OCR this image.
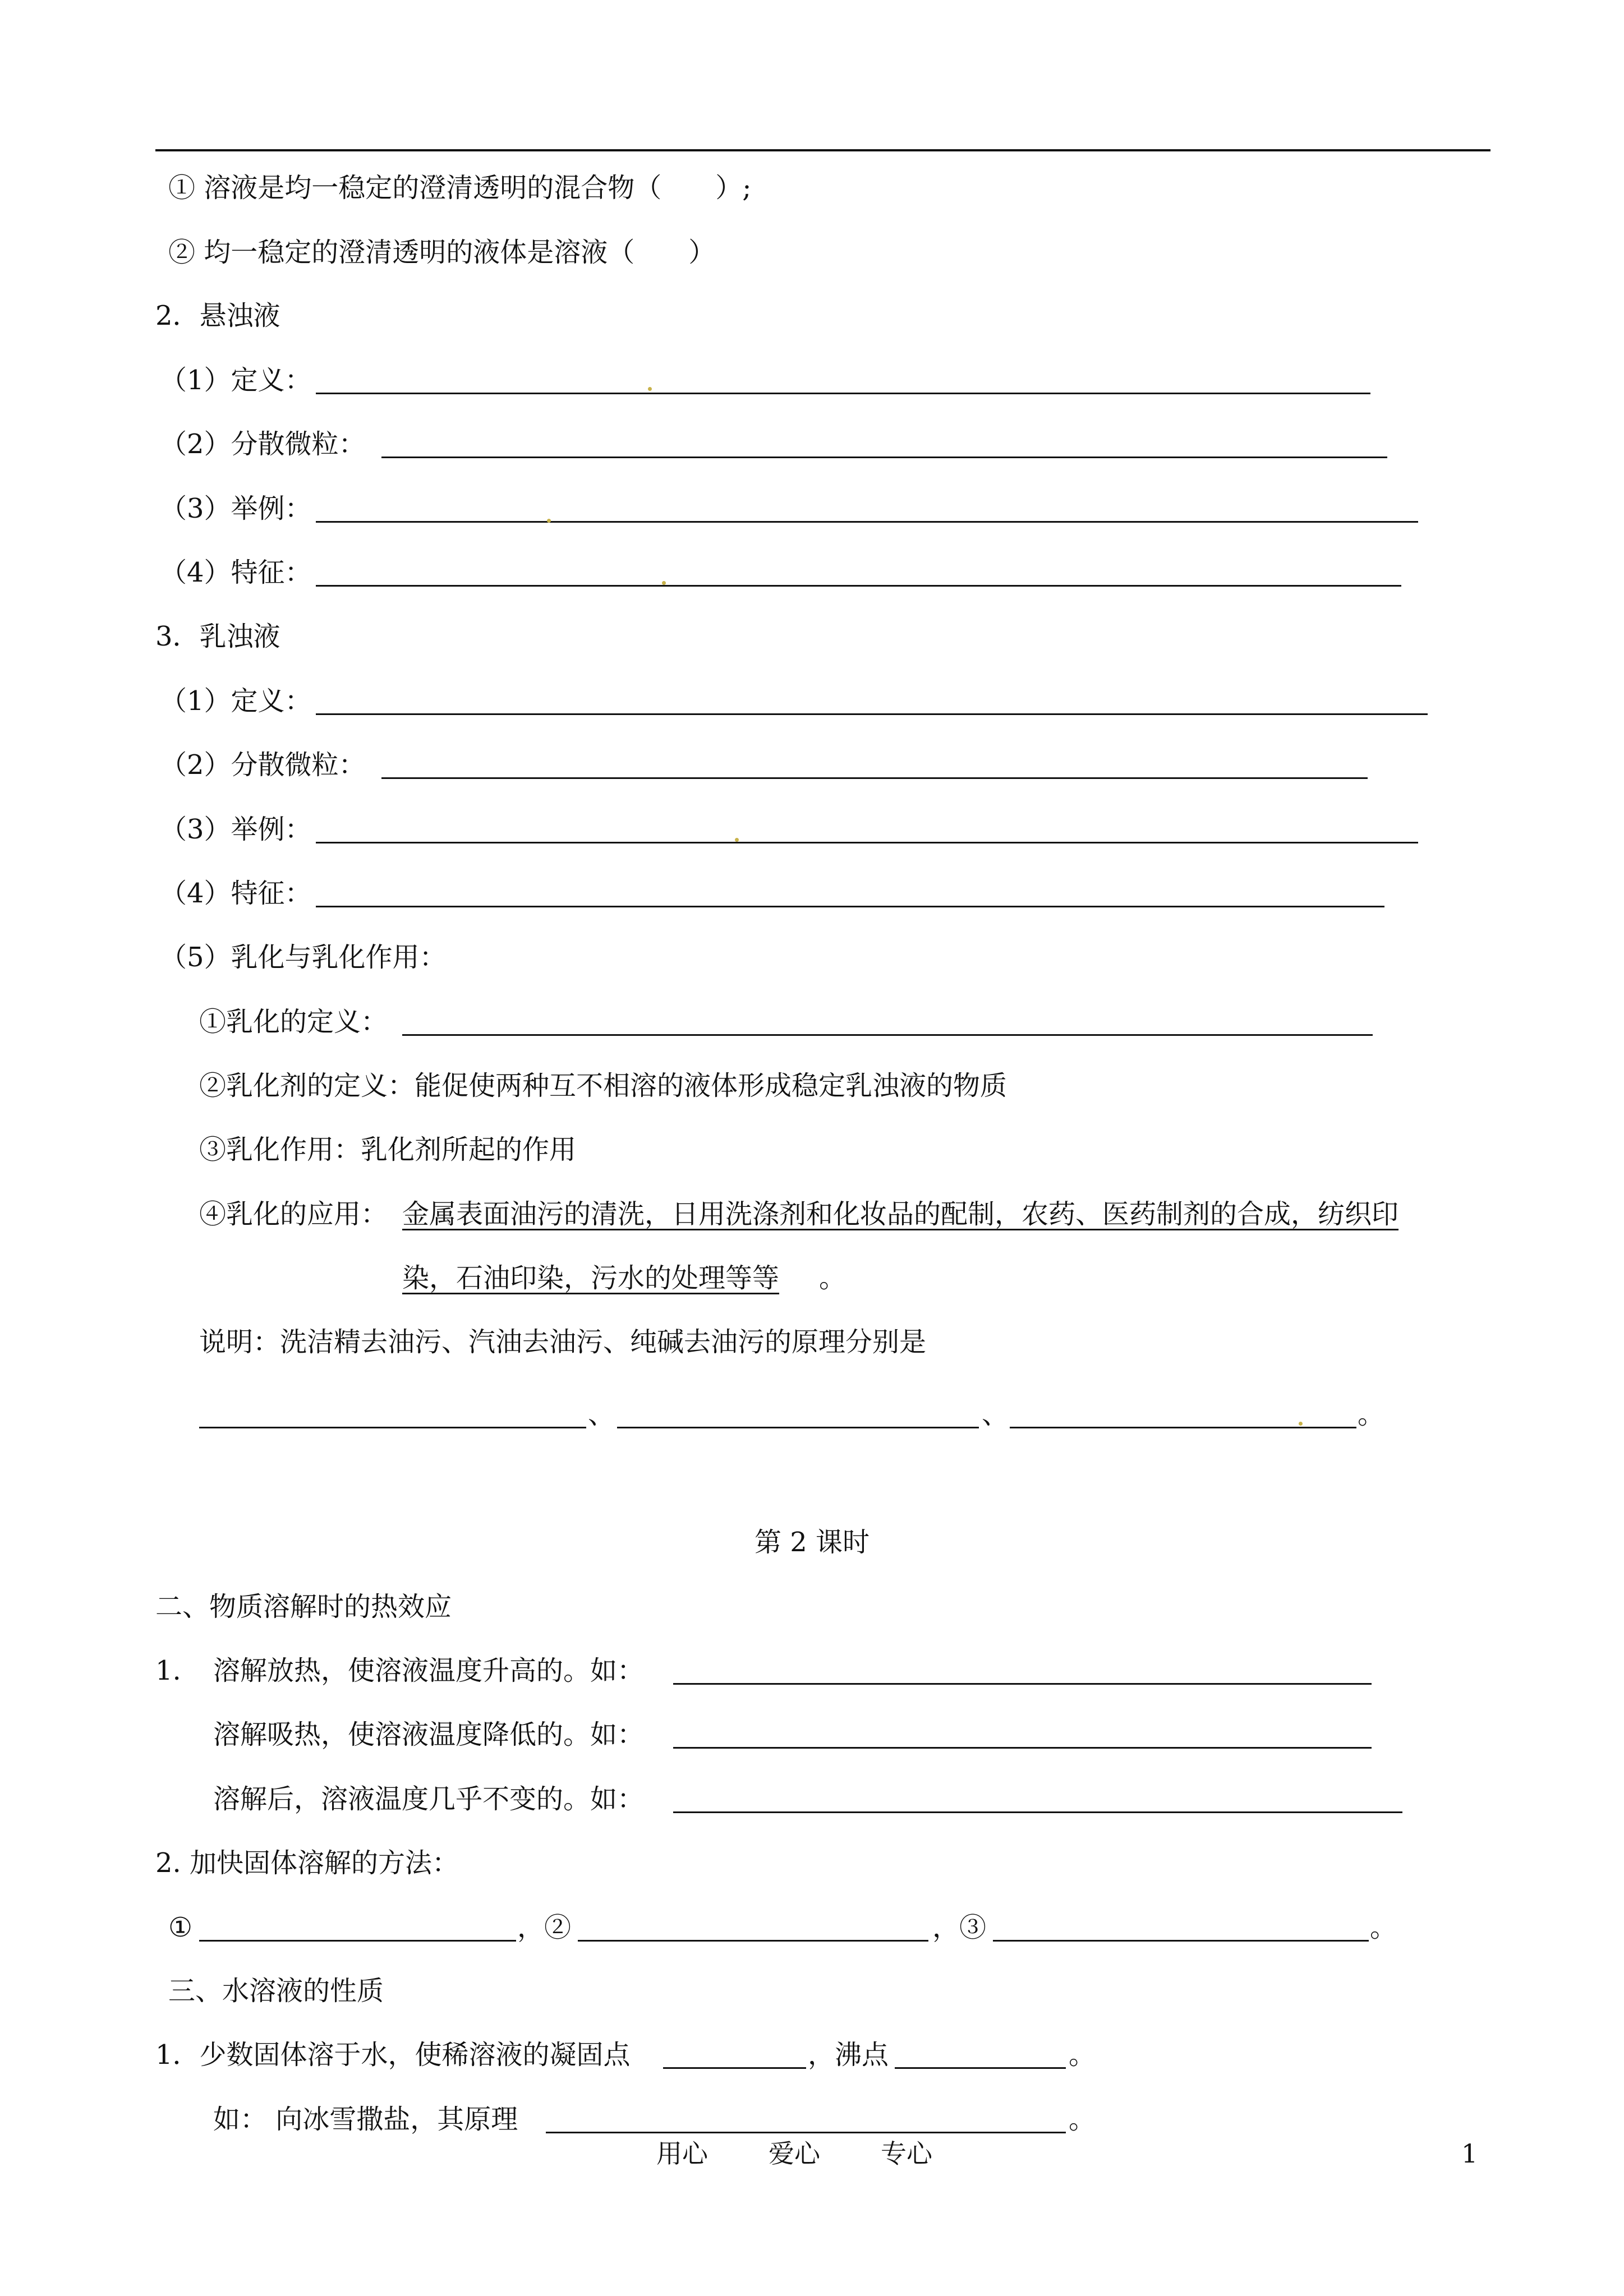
① 溶液是均一稳定的澄清透明的混合物（　　）;
② 均一稳定的澄清透明的液体是溶液（　　）
2．悬浊液
（1）定义：
（2）分散微粒：
（3）举例：
（4）特征：
3．乳浊液
（1）定义：
（2）分散微粒：
（3）举例：
（4）特征：
（5）乳化与乳化作用：
①乳化的定义：
②乳化剂的定义：能促使两种互不相溶的液体形成稳定乳浊液的物质
③乳化作用：乳化剂所起的作用
④乳化的应用： 金属表面油污的清洗，日用洗涤剂和化妆品的配制，农药、医药制剂的合成，纺织印
染，石油印染，污水的处理等等 。
说明：洗洁精去油污、汽油去油污、纯碱去油污的原理分别是
、	、	。
第 2 课时
二、物质溶解时的热效应
1. 溶解放热，使溶液温度升高的。如：
溶解吸热，使溶液温度降低的。如：
溶解后，溶液温度几乎不变的。如：
2. 加快固体溶解的方法：
①	，②	，③	。
三、水溶液的性质
1．少数固体溶于水，使稀溶液的凝固点	，沸点	。
如： 向冰雪撒盐，其原理	。
用心 爱心 专心	1
